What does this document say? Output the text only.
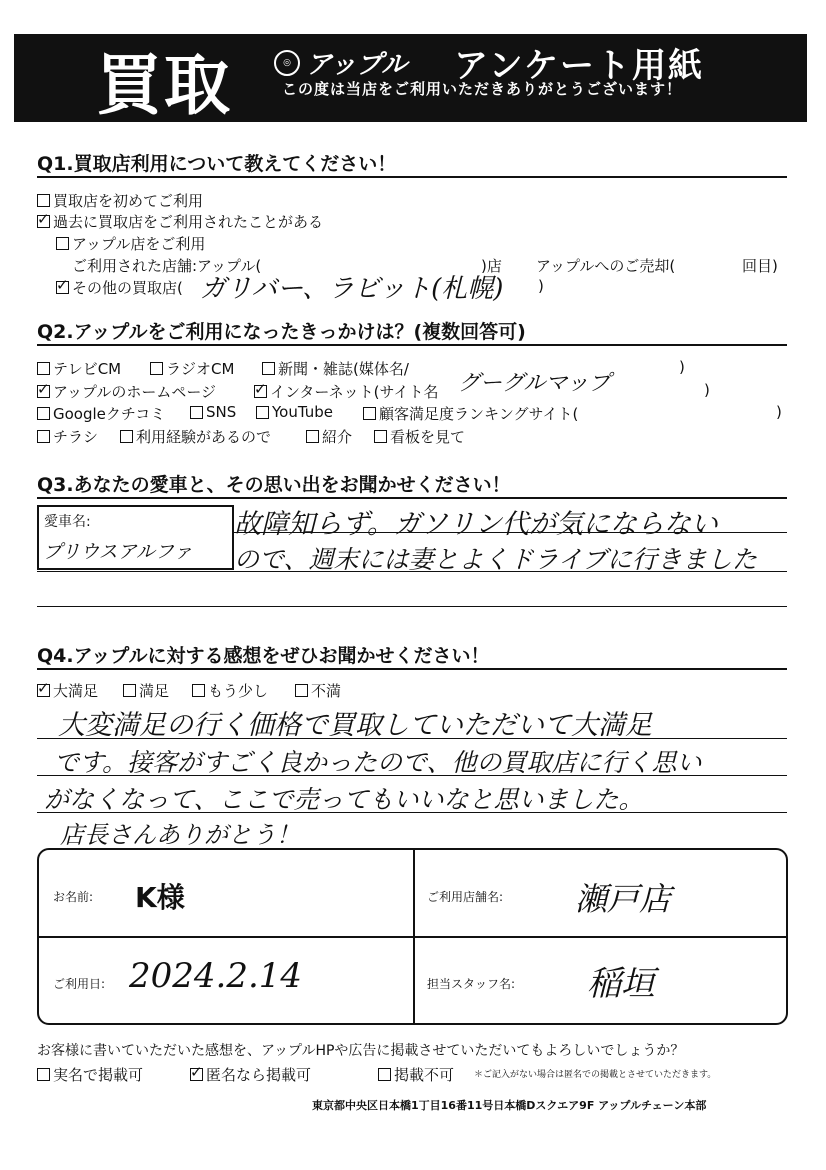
買取	◎ アップル アンケート用紙
この度は当店をご利用いただきありがとうございます！
Q1.買取店利用について教えてください！
買取店を初めてご利用
✓
過去に買取店をご利用されたことがある
アップル店をご利用
ご利用された店舗:アップル(	)店 アップルへのご売却(	回目)
✓
その他の買取店( ガリバー、ラビット(札幌) )
Q2.アップルをご利用になったきっかけは？(複数回答可)
テレビCM	ラジオCM	新聞・雑誌(媒体名/	)
✓
アップルのホームページ ✓	インターネット(サイト名 グーグルマップ	)
Googleクチコミ	SNS YouTube	顧客満足度ランキングサイト(	)
チラシ	利用経験があるので	紹介	看板を見て
Q3.あなたの愛車と、その思い出をお聞かせください！
愛車名:
プリウスアルファ
故障知らず。ガソリン代が気にならない
ので、週末には妻とよくドライブに行きました
Q4.アップルに対する感想をぜひお聞かせください！
✓
大満足	満足	もう少し	不満
大変満足の行く価格で買取していただいて大満足
です。接客がすごく良かったので、他の買取店に行く思い
がなくなって、ここで売ってもいいなと思いました。
店長さんありがとう！
お名前: K様	ご利用店舗名: 瀬戸店
ご利用日: 2024.2.14	担当スタッフ名: 稲垣
お客様に書いていただいた感想を、アップルHPや広告に掲載させていただいてもよろしいでしょうか？
実名で掲載可 ✓	匿名なら掲載可	掲載不可 ＊ご記入がない場合は匿名での掲載とさせていただきます。
東京都中央区日本橋1丁目16番11号日本橋Dスクエア9F アップルチェーン本部
